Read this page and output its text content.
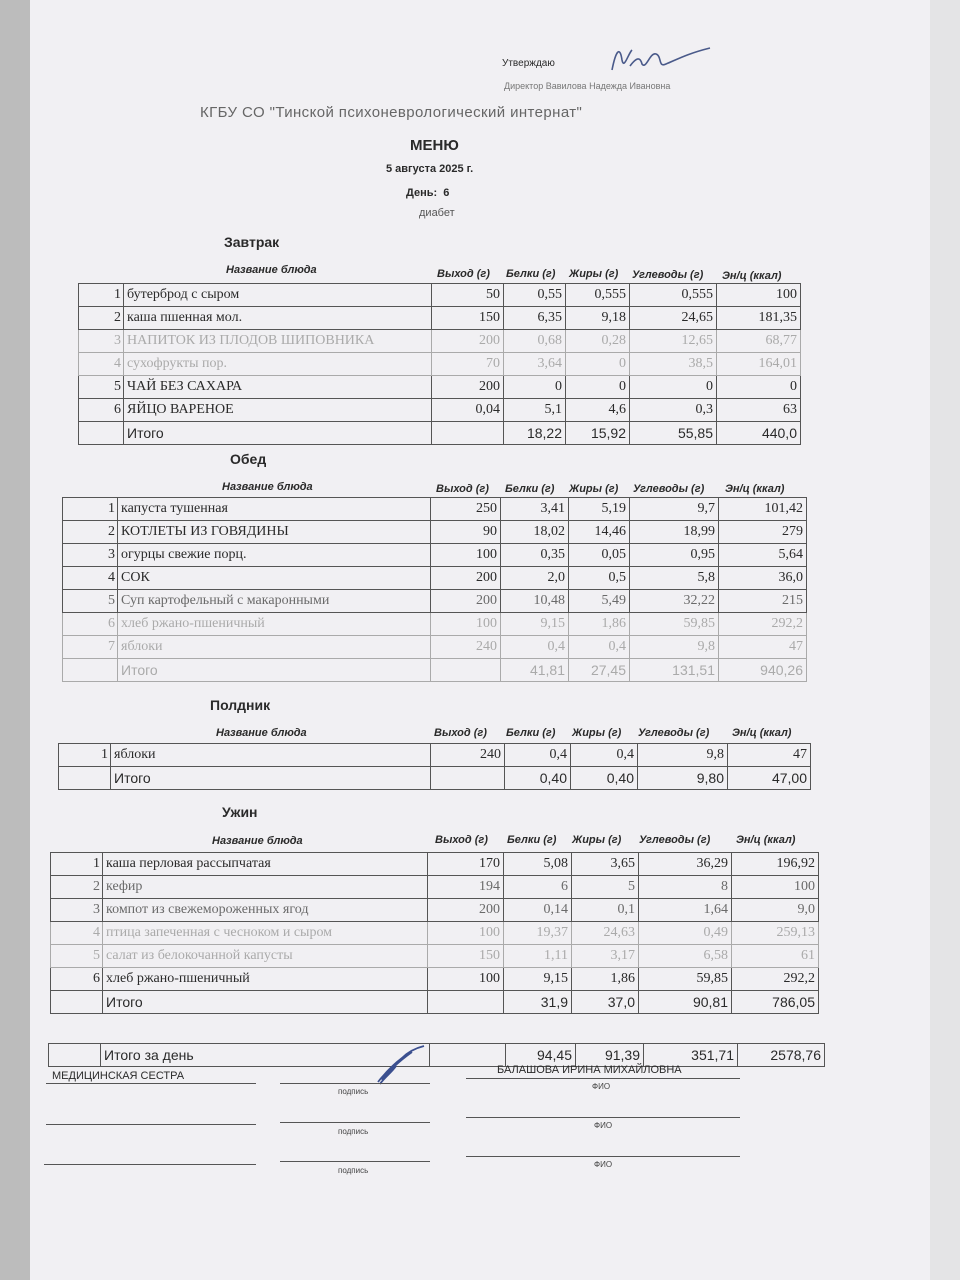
Утверждаю
Директор Вавилова Надежда Ивановна
КГБУ СО "Тинской психоневрологический интернат"
МЕНЮ
5 августа 2025 г.
День: 6
диабет
Завтрак
Название блюда	Выход (г) Белки (г) Жиры (г) Углеводы (г) Эн/ц (ккал)
1	бутерброд с сыром	50	0,55	0,555	0,555	100
2	каша пшенная мол.	150	6,35	9,18	24,65	181,35
3	НАПИТОК ИЗ ПЛОДОВ ШИПОВНИКА	200	0,68	0,28	12,65	68,77
4	сухофрукты пор.	70	3,64	0	38,5	164,01
5	ЧАЙ БЕЗ САХАРА	200	0	0	0	0
6	ЯЙЦО ВАРЕНОЕ	0,04	5,1	4,6	0,3	63
	Итого		18,22	15,92	55,85	440,0
Обед
Название блюда	Выход (г) Белки (г) Жиры (г) Углеводы (г) Эн/ц (ккал)
1	капуста тушенная	250	3,41	5,19	9,7	101,42
2	КОТЛЕТЫ ИЗ ГОВЯДИНЫ	90	18,02	14,46	18,99	279
3	огурцы свежие порц.	100	0,35	0,05	0,95	5,64
4	СОК	200	2,0	0,5	5,8	36,0
5	Суп картофельный с макаронными	200	10,48	5,49	32,22	215
6	хлеб ржано-пшеничный	100	9,15	1,86	59,85	292,2
7	яблоки	240	0,4	0,4	9,8	47
	Итого		41,81	27,45	131,51	940,26
Полдник
Название блюда	Выход (г) Белки (г) Жиры (г) Углеводы (г) Эн/ц (ккал)
1	яблоки	240	0,4	0,4	9,8	47
	Итого		0,40	0,40	9,80	47,00
Ужин
Название блюда	Выход (г) Белки (г) Жиры (г) Углеводы (г) Эн/ц (ккал)
1	каша перловая рассыпчатая	170	5,08	3,65	36,29	196,92
2	кефир	194	6	5	8	100
3	компот из свежемороженных ягод	200	0,14	0,1	1,64	9,0
4	птица запеченная с чесноком и сыром	100	19,37	24,63	0,49	259,13
5	салат из белокочанной капусты	150	1,11	3,17	6,58	61
6	хлеб ржано-пшеничный	100	9,15	1,86	59,85	292,2
	Итого		31,9	37,0	90,81	786,05
	Итого за день		94,45	91,39	351,71	2578,76
МЕДИЦИНСКАЯ СЕСТРА
подпись
БАЛАШОВА ИРИНА МИХАЙЛОВНА
ФИО
подпись
ФИО
подпись
ФИО
